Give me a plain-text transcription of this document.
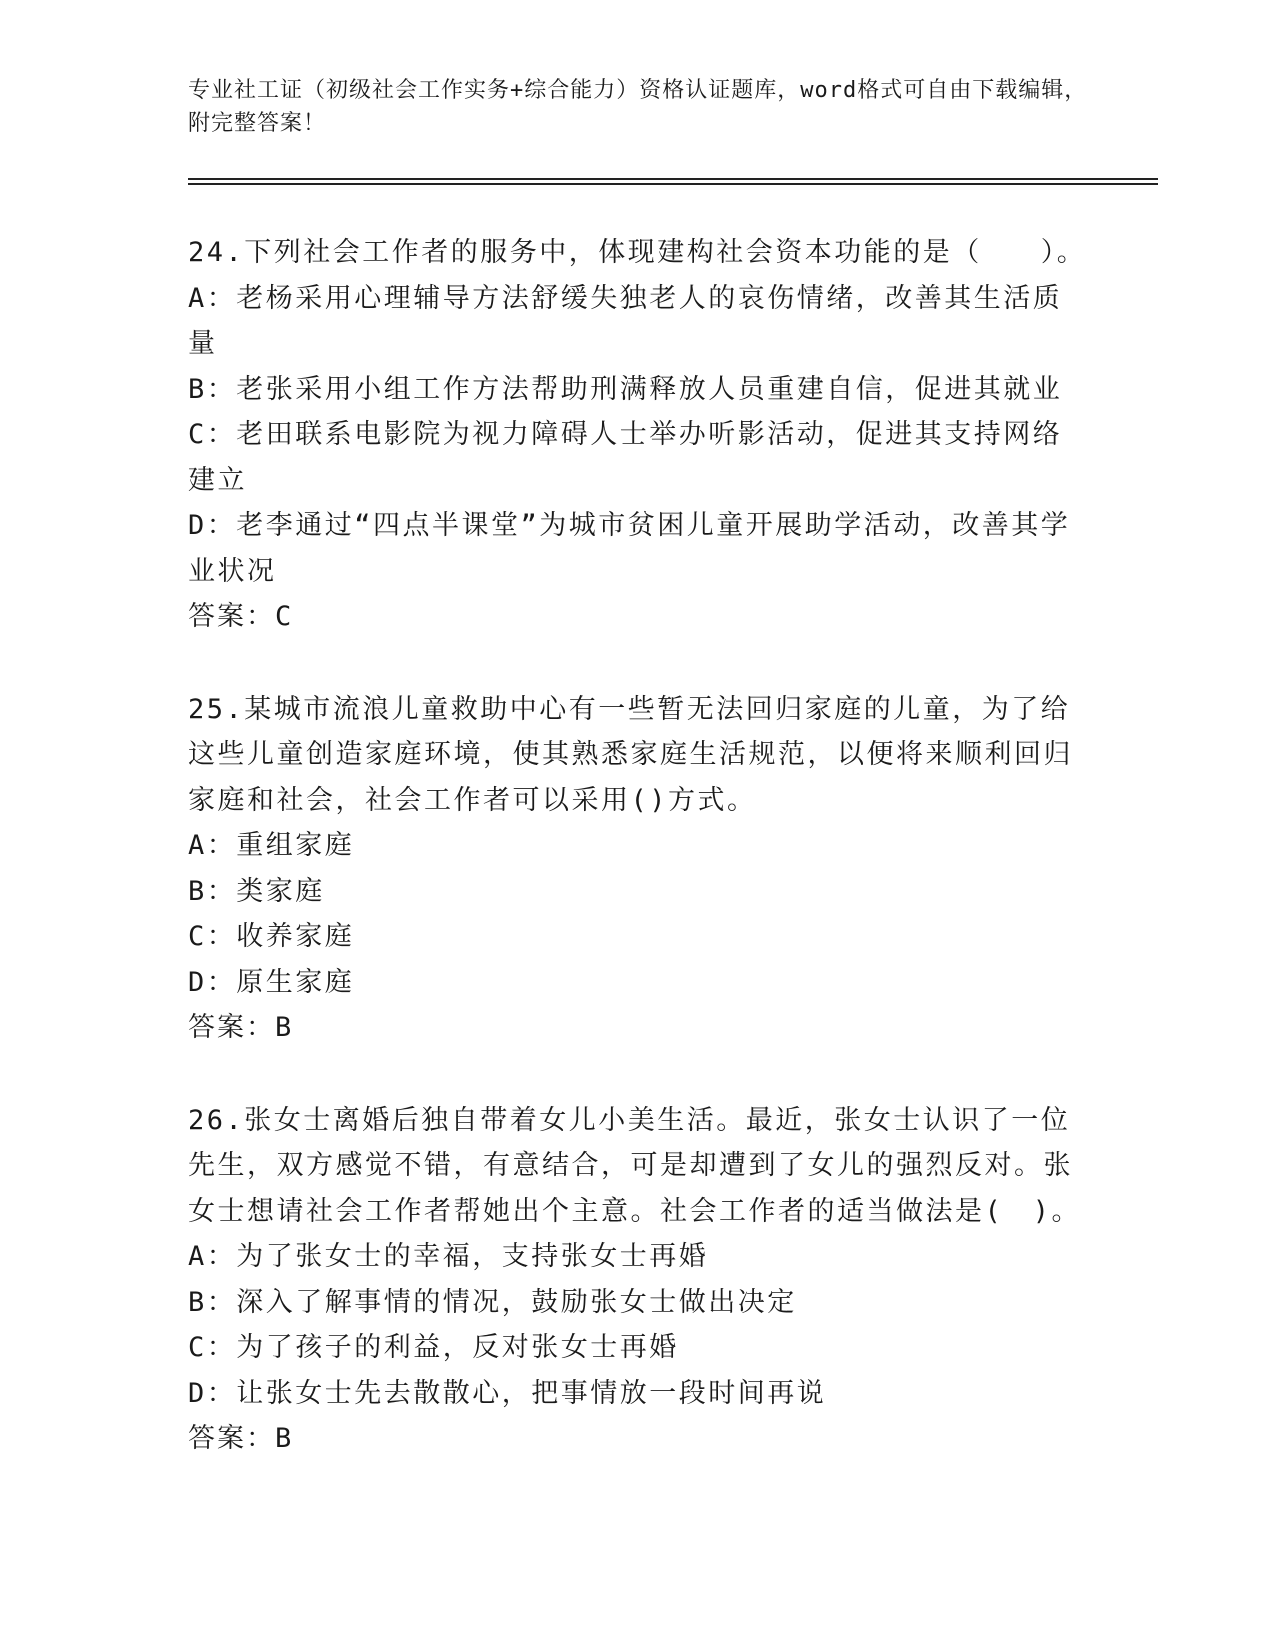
专业社工证（初级社会工作实务+综合能力）资格认证题库，word格式可自由下载编辑，附完整答案！
24.下列社会工作者的服务中，体现建构社会资本功能的是（　　）。
A：老杨采用心理辅导方法舒缓失独老人的哀伤情绪，改善其生活质量
B：老张采用小组工作方法帮助刑满释放人员重建自信，促进其就业
C：老田联系电影院为视力障碍人士举办听影活动，促进其支持网络建立
D：老李通过“四点半课堂”为城市贫困儿童开展助学活动，改善其学业状况
答案：C
25.某城市流浪儿童救助中心有一些暂无法回归家庭的儿童，为了给这些儿童创造家庭环境，使其熟悉家庭生活规范，以便将来顺利回归家庭和社会，社会工作者可以采用()方式。
A：重组家庭
B：类家庭
C：收养家庭
D：原生家庭
答案：B
26.张女士离婚后独自带着女儿小美生活。最近，张女士认识了一位先生，双方感觉不错，有意结合，可是却遭到了女儿的强烈反对。张女士想请社会工作者帮她出个主意。社会工作者的适当做法是(　)。
A：为了张女士的幸福，支持张女士再婚
B：深入了解事情的情况，鼓励张女士做出决定
C：为了孩子的利益，反对张女士再婚
D：让张女士先去散散心，把事情放一段时间再说
答案：B
